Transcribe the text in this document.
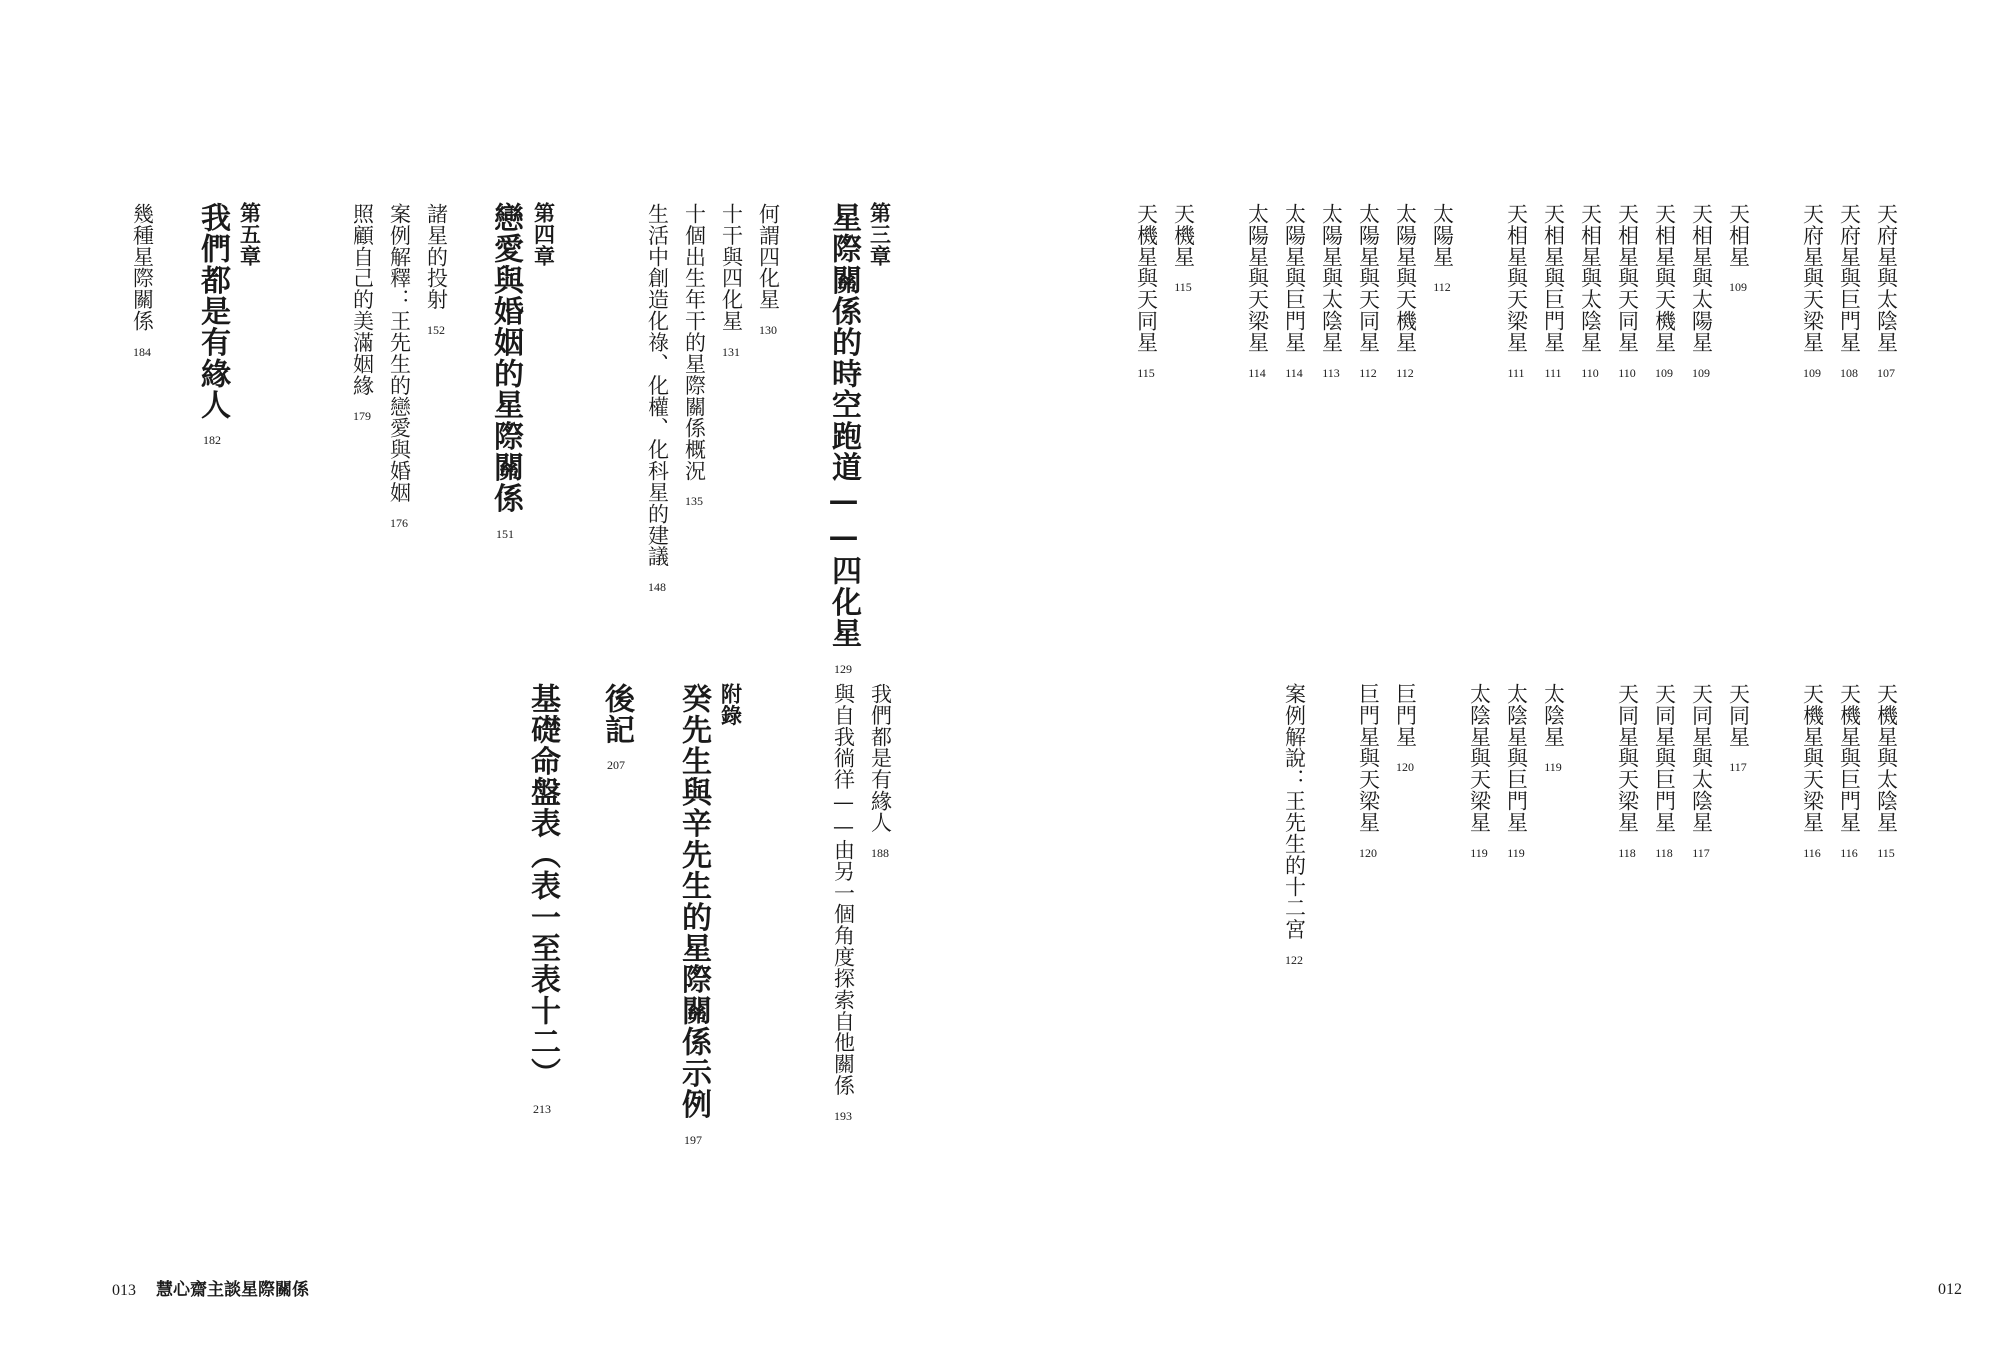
天府星與太陰星
107
天府星與巨門星
108
天府星與天梁星
109
天相星
109
天相星與太陽星
109
天相星與天機星
109
天相星與天同星
110
天相星與太陰星
110
天相星與巨門星
111
天相星與天梁星
111
太陽星
112
太陽星與天機星
112
太陽星與天同星
112
太陽星與太陰星
113
太陽星與巨門星
114
太陽星與天梁星
114
天機星
115
天機星與天同星
115
天機星與太陰星
115
天機星與巨門星
116
天機星與天梁星
116
天同星
117
天同星與太陰星
117
天同星與巨門星
118
天同星與天梁星
118
太陰星
119
太陰星與巨門星
119
太陰星與天梁星
119
巨門星
120
巨門星與天梁星
120
案例解說：王先生的十二宮
122
第三章
星際關係的時空跑道——四化星
129
何謂四化星
130
十干與四化星
131
十個出生年干的星際關係概況
135
生活中創造化祿、化權、化科星的建議
148
第四章
戀愛與婚姻的星際關係
151
諸星的投射
152
案例解釋：王先生的戀愛與婚姻
176
照顧自己的美滿姻緣
179
第五章
我們都是有緣人
182
幾種星際關係
184
我們都是有緣人
188
與自我徜徉——由另一個角度探索自他關係
193
附錄
癸先生與辛先生的星際關係示例
197
後記
207
基礎命盤表（表一至表十二）
213
013 慧心齋主談星際關係	012
